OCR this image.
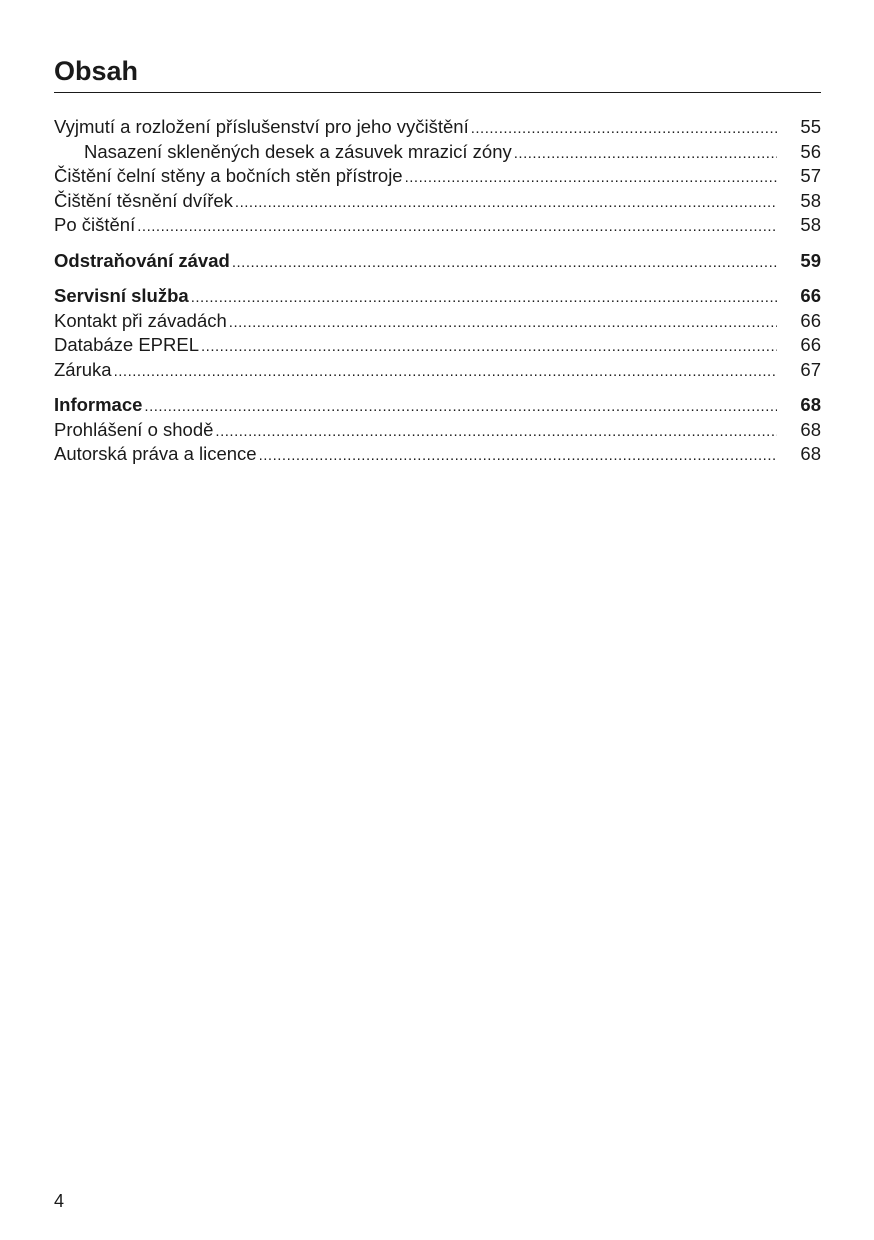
Obsah
Vyjmutí a rozložení příslušenství pro jeho vyčištění .....	55
Nasazení skleněných desek a zásuvek mrazicí zóny .....	56
Čištění čelní stěny a bočních stěn přístroje .....	57
Čištění těsnění dvířek .....	58
Po čištění .....	58
Odstraňování závad .....	59
Servisní služba .....	66
Kontakt při závadách .....	66
Databáze EPREL .....	66
Záruka .....	67
Informace .....	68
Prohlášení o shodě .....	68
Autorská práva a licence .....	68
4
